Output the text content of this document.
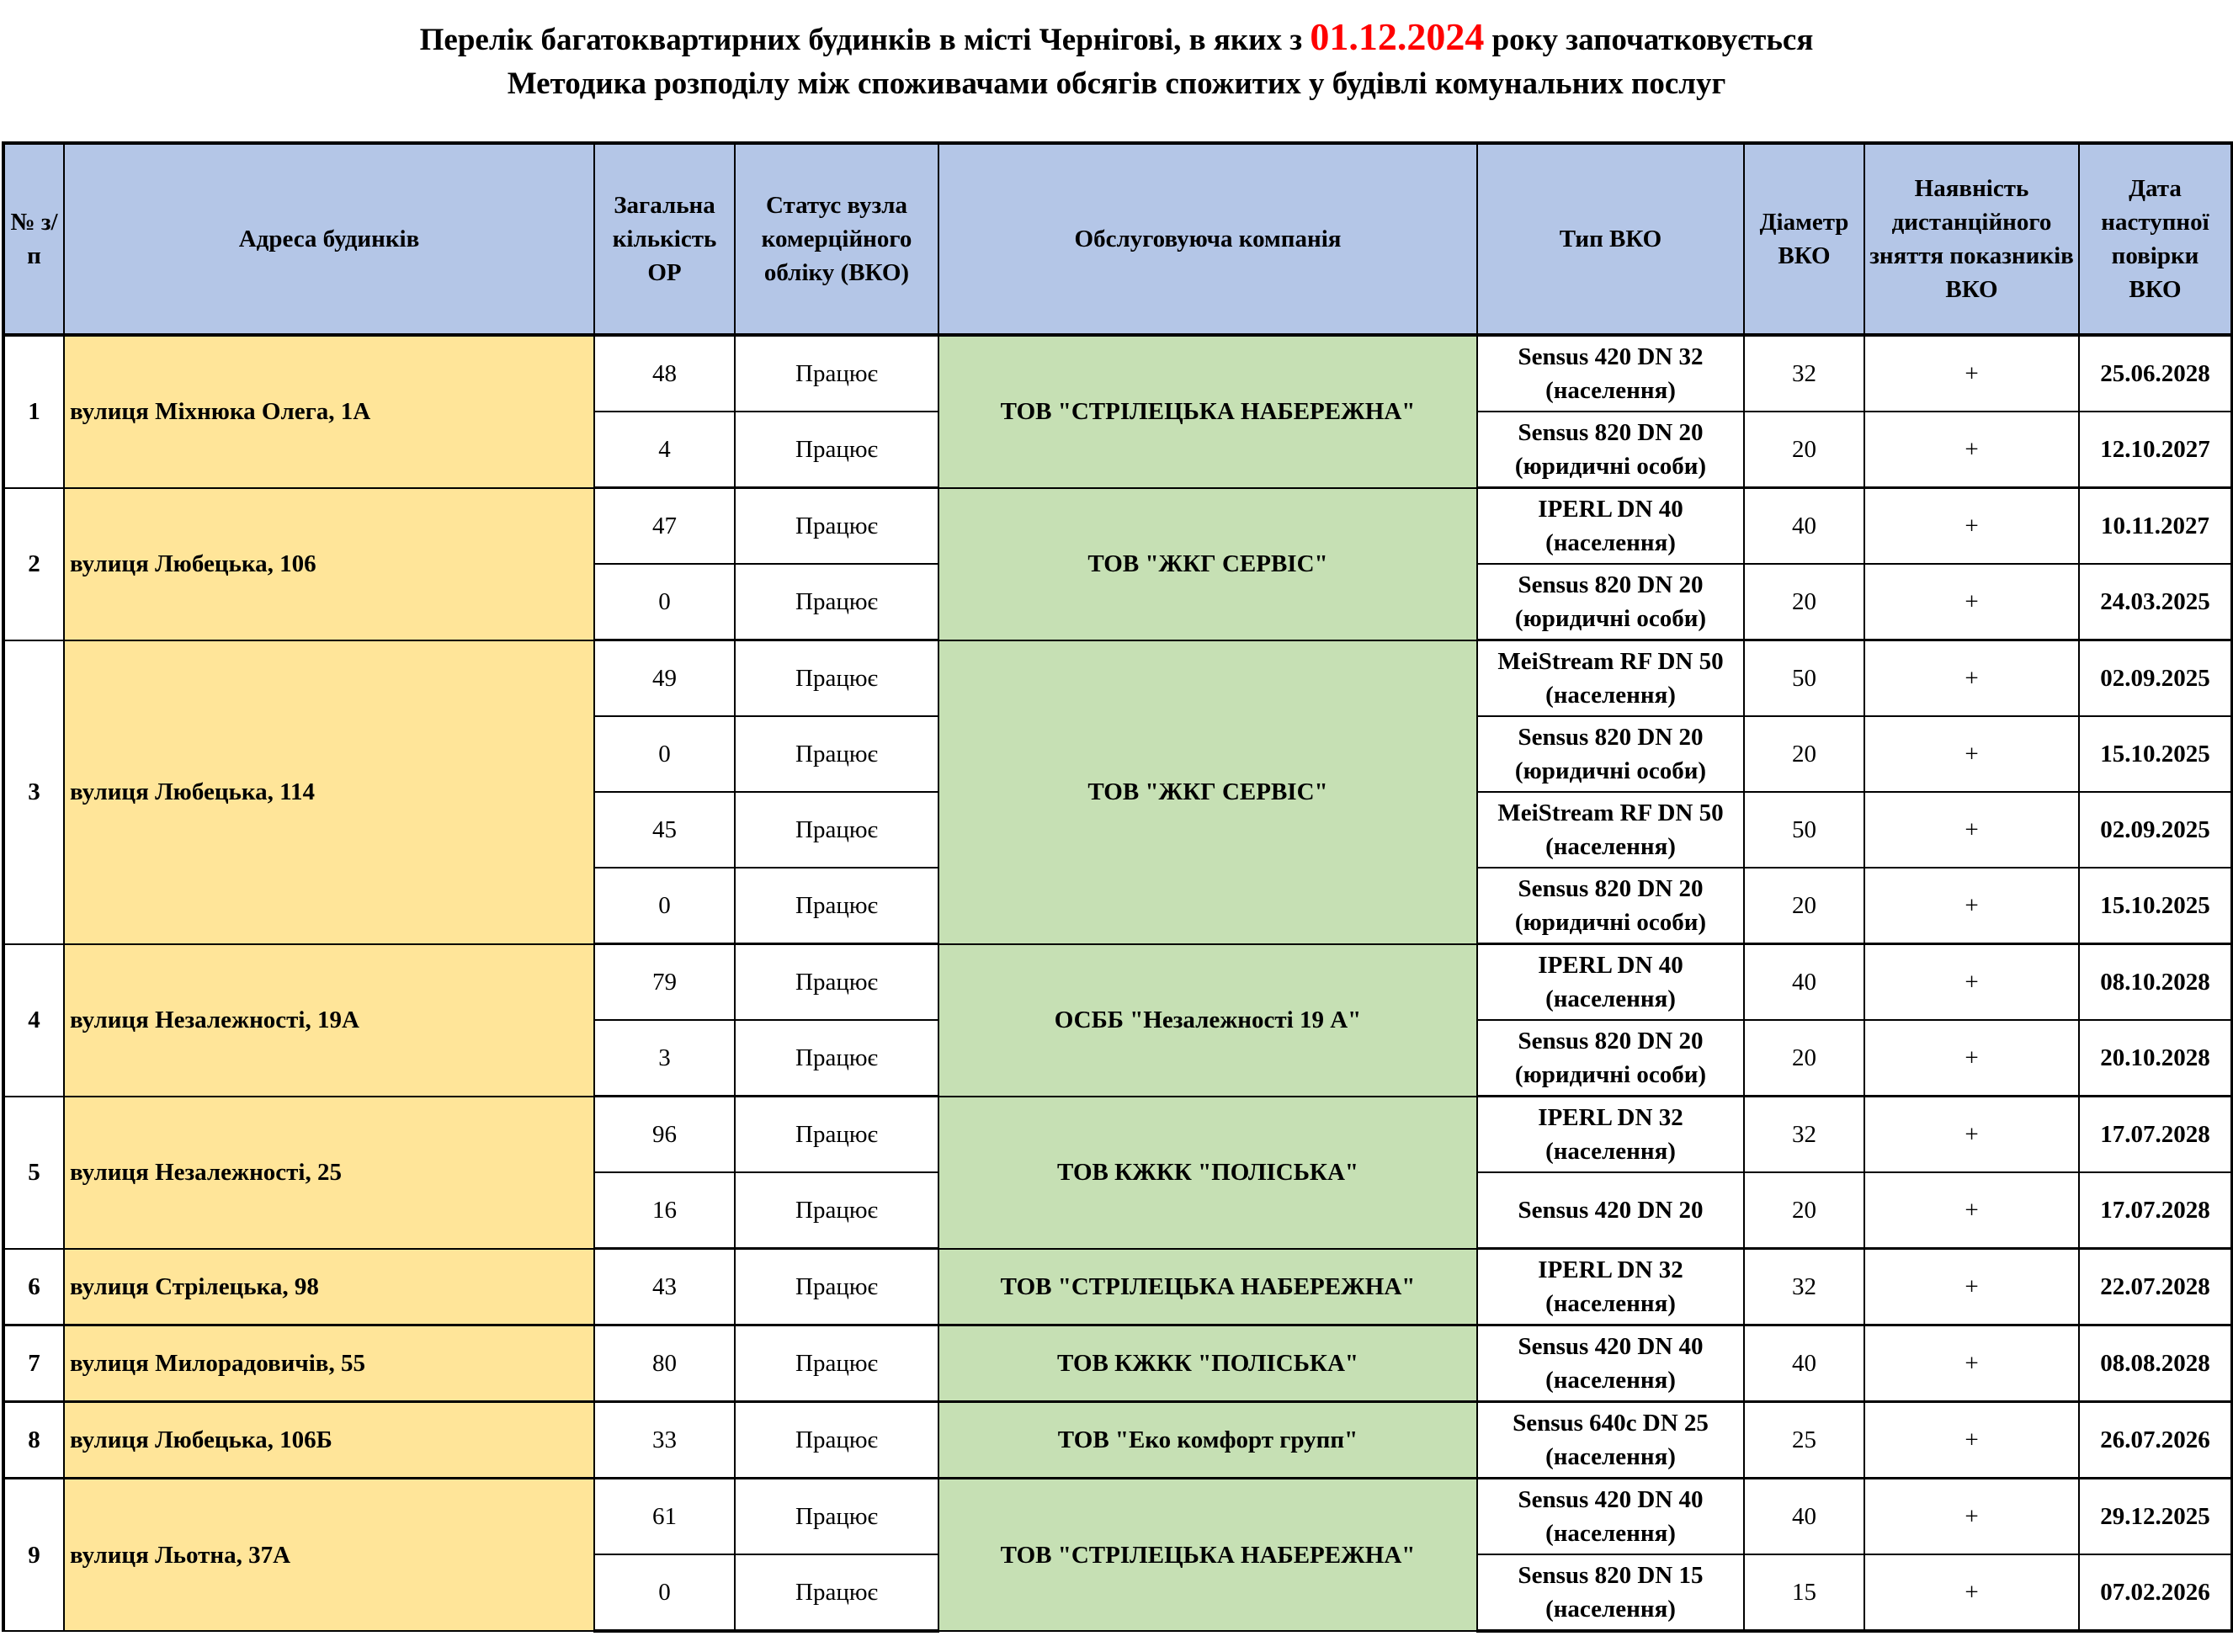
Перелік багатоквартирних будинків в місті Чернігові, в яких з 01.12.2024 року започатковується
Методика розподілу між споживачами обсягів спожитих у будівлі комунальних послуг
№ з/п	Адреса будинків	Загальна кількість ОР	Статус вузла комерційного обліку (ВКО)	Обслуговуюча компанія	Тип ВКО	Діаметр ВКО	Наявність дистанційного зняття показників ВКО	Дата наступної повірки ВКО
1	вулиця Міхнюка Олега, 1А	48	Працює	ТОВ "СТРІЛЕЦЬКА НАБЕРЕЖНА"	Sensus 420 DN 32
(населення)	32	+	25.06.2028
		4	Працює		Sensus 820 DN 20
(юридичні особи)	20	+	12.10.2027
2	вулиця Любецька, 106	47	Працює	ТОВ "ЖКГ СЕРВІС"	IPERL DN 40
(населення)	40	+	10.11.2027
		0	Працює		Sensus 820 DN 20
(юридичні особи)	20	+	24.03.2025
3	вулиця Любецька, 114	49	Працює	ТОВ "ЖКГ СЕРВІС"	MeiStream RF DN 50
(населення)	50	+	02.09.2025
		0	Працює		Sensus 820 DN 20
(юридичні особи)	20	+	15.10.2025
		45	Працює		MeiStream RF DN 50
(населення)	50	+	02.09.2025
		0	Працює		Sensus 820 DN 20
(юридичні особи)	20	+	15.10.2025
4	вулиця Незалежності, 19А	79	Працює	ОСББ "Незалежності 19 А"	IPERL DN 40
(населення)	40	+	08.10.2028
		3	Працює		Sensus 820 DN 20
(юридичні особи)	20	+	20.10.2028
5	вулиця Незалежності, 25	96	Працює	ТОВ КЖКК "ПОЛІСЬКА"	IPERL DN 32
(населення)	32	+	17.07.2028
		16	Працює		Sensus 420 DN 20	20	+	17.07.2028
6	вулиця Стрілецька, 98	43	Працює	ТОВ "СТРІЛЕЦЬКА НАБЕРЕЖНА"	IPERL DN 32
(населення)	32	+	22.07.2028
7	вулиця Милорадовичів, 55	80	Працює	ТОВ КЖКК "ПОЛІСЬКА"	Sensus 420 DN 40
(населення)	40	+	08.08.2028
8	вулиця Любецька, 106Б	33	Працює	ТОВ "Еко комфорт групп"	Sensus 640c DN 25
(населення)	25	+	26.07.2026
9	вулиця Льотна, 37А	61	Працює	ТОВ "СТРІЛЕЦЬКА НАБЕРЕЖНА"	Sensus 420 DN 40
(населення)	40	+	29.12.2025
		0	Працює		Sensus 820 DN 15
(населення)	15	+	07.02.2026
